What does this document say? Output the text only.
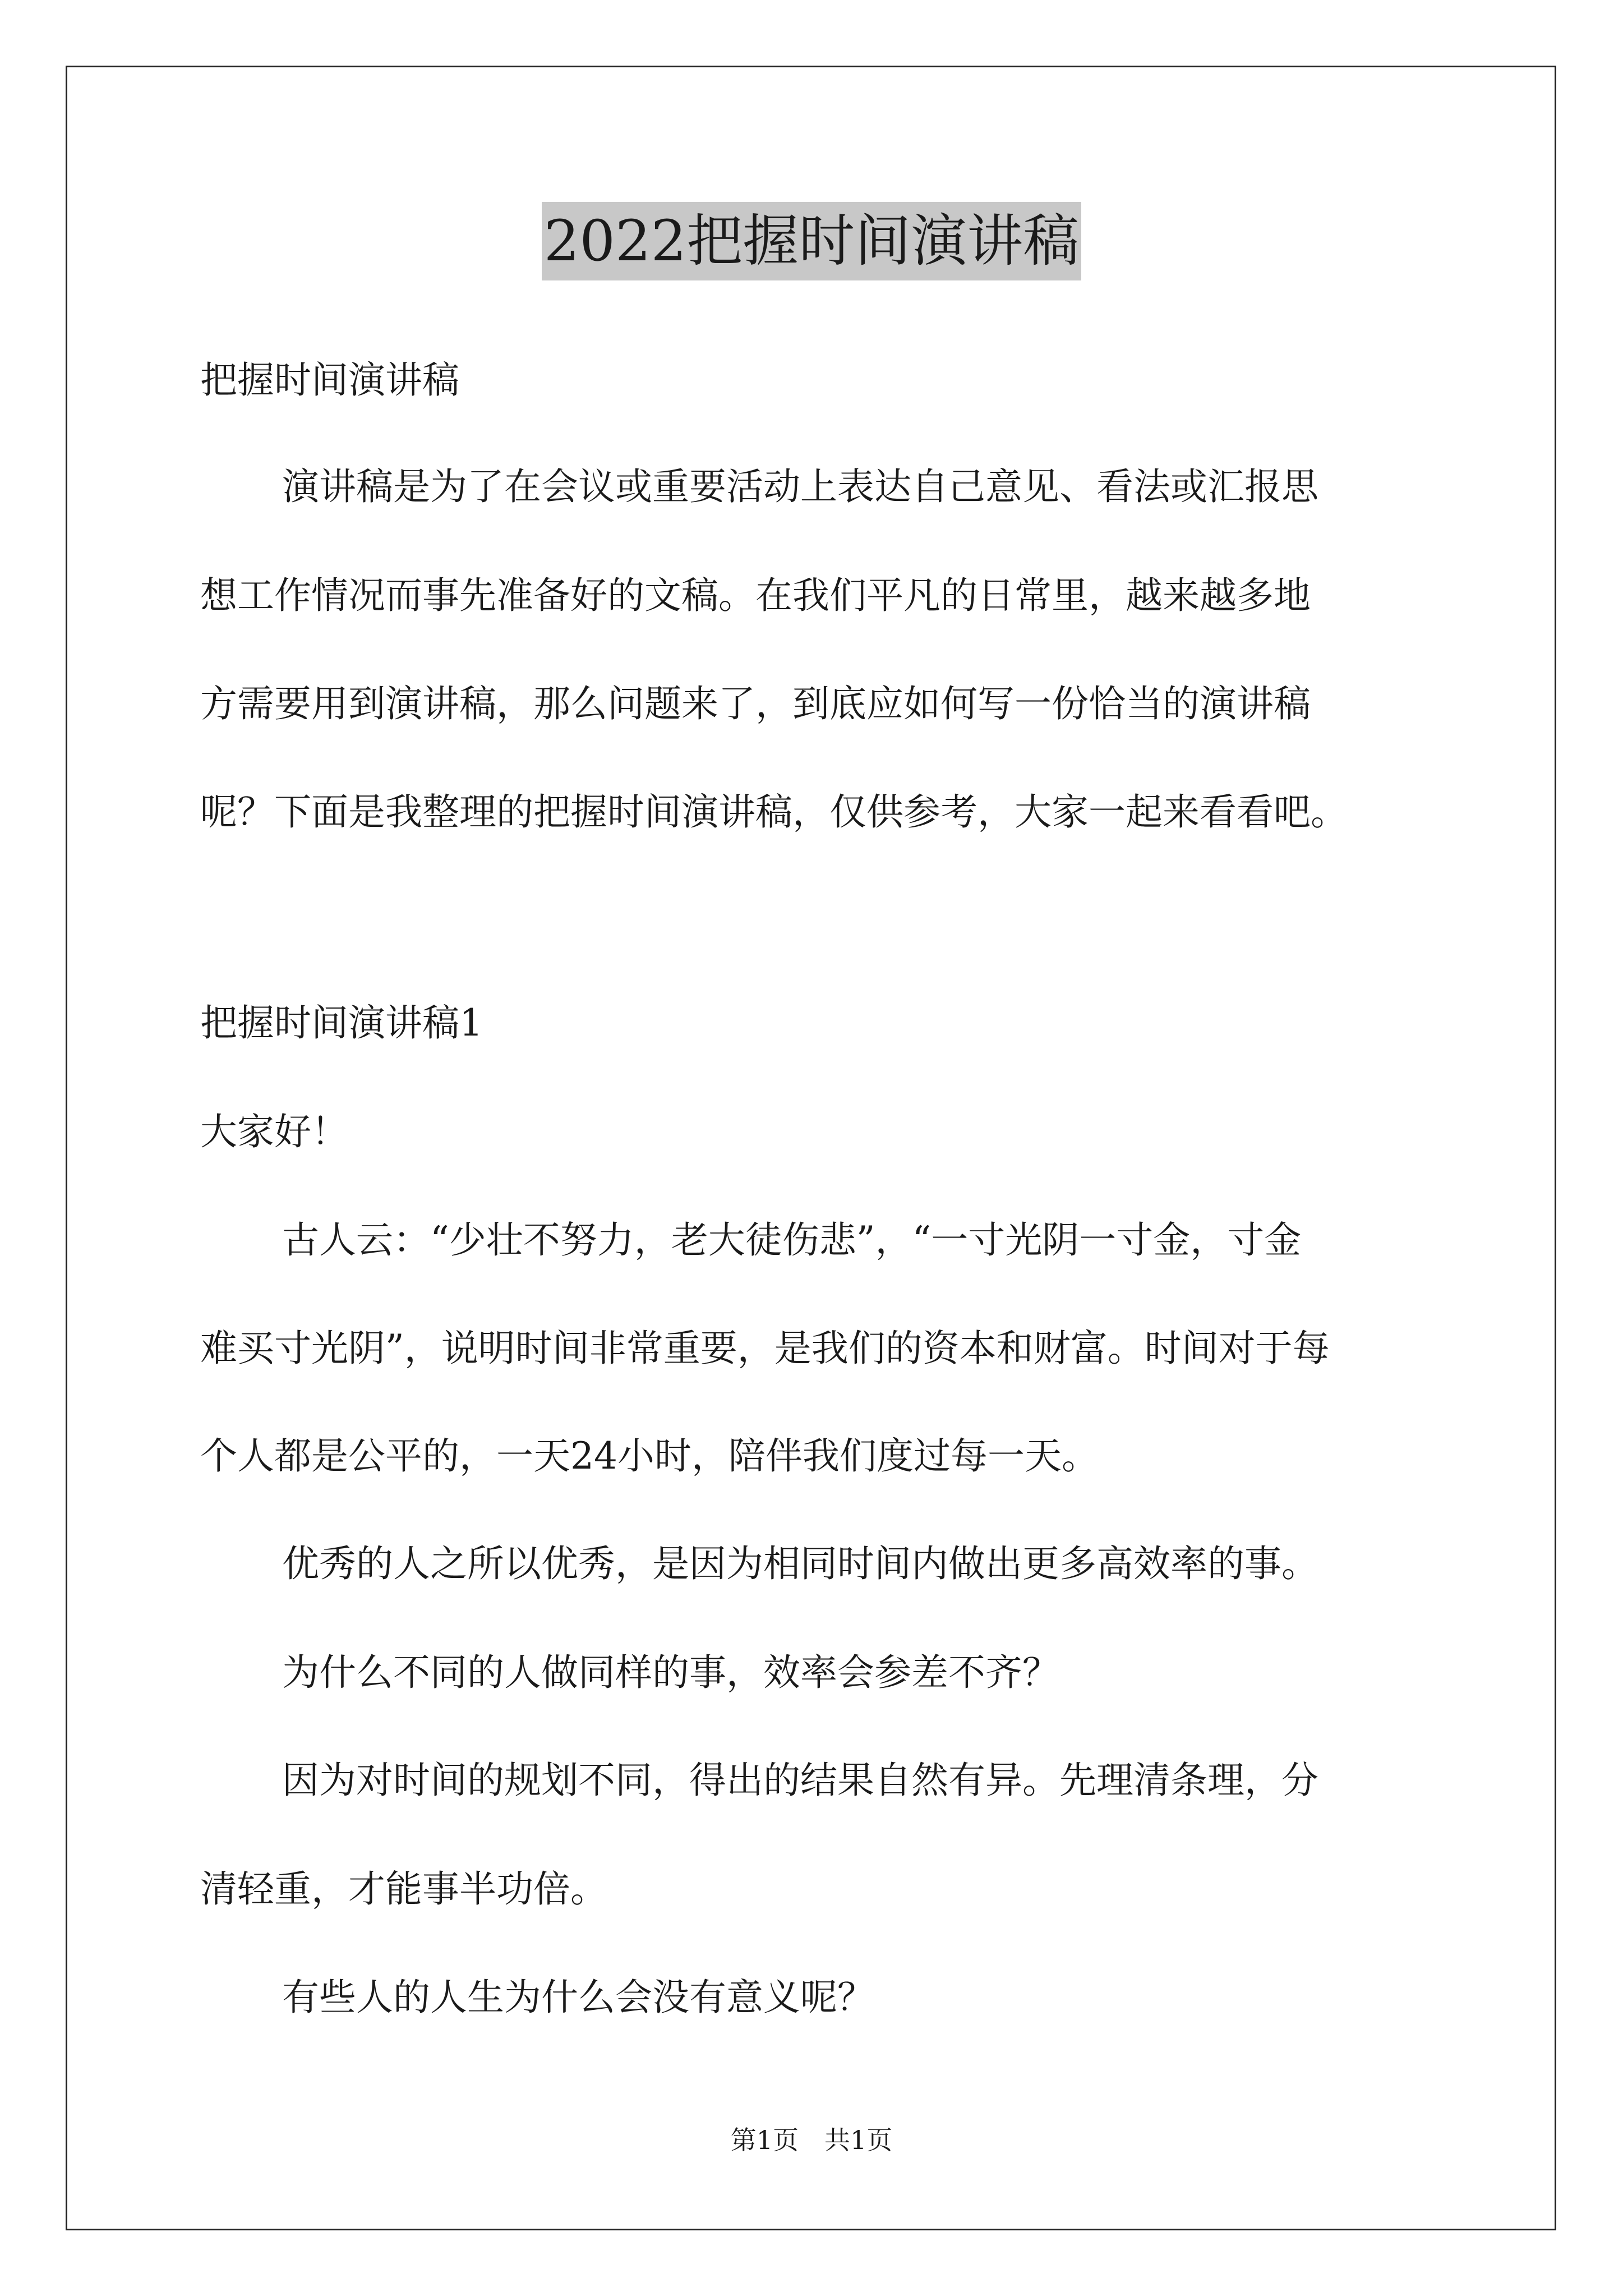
2022把握时间演讲稿

把握时间演讲稿

演讲稿是为了在会议或重要活动上表达自己意见、看法或汇报思

想工作情况而事先准备好的文稿。在我们平凡的日常里，越来越多地

方需要用到演讲稿，那么问题来了，到底应如何写一份恰当的演讲稿

呢？下面是我整理的把握时间演讲稿，仅供参考，大家一起来看看吧。

把握时间演讲稿1

大家好！

古人云：“少壮不努力，老大徒伤悲”，“一寸光阴一寸金，寸金

难买寸光阴”，说明时间非常重要，是我们的资本和财富。时间对于每

个人都是公平的，一天24小时，陪伴我们度过每一天。

优秀的人之所以优秀，是因为相同时间内做出更多高效率的事。

为什么不同的人做同样的事，效率会参差不齐？

因为对时间的规划不同，得出的结果自然有异。先理清条理，分

清轻重，才能事半功倍。

有些人的人生为什么会没有意义呢？

第1页　共1页
